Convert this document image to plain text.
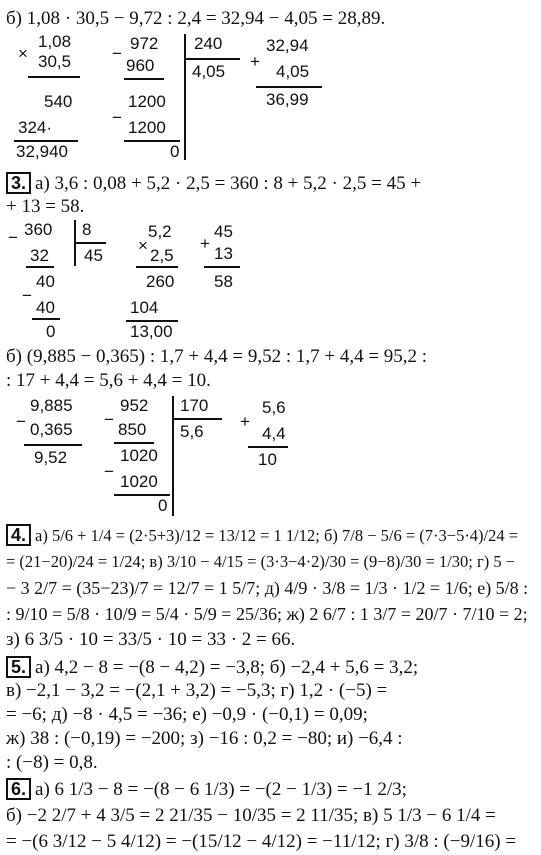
б) 1,08 · 30,5 − 9,72 : 2,4 = 32,94 − 4,05 = 28,89.
1,08
× 30,5
540
324·
32,940
−
972
960
1200
−
1200
0
240
4,05
32,94
+
4,05
36,99
3. а) 3,6 : 0,08 + 5,2 · 2,5 = 360 : 8 + 5,2 · 2,5 = 45 +
+ 13 = 58.
− 360 8
45
32
40
−
40
0
5,2
×
2,5
260
104
13,00
45
+
13
58
б) (9,885 − 0,365) : 1,7 + 4,4 = 9,52 : 1,7 + 4,4 = 95,2 :
: 17 + 4,4 = 5,6 + 4,4 = 10.
9,885
− 0,365
9,52
−
952
850
1020
−
1020
0
170
5,6
5,6
+
4,4
10
4. а) 5/6 + 1/4 = (2·5+3)/12 = 13/12 = 1 1/12; б) 7/8 − 5/6 = (7·3−5·4)/24 =
= (21−20)/24 = 1/24; в) 3/10 − 4/15 = (3·3−4·2)/30 = (9−8)/30 = 1/30; г) 5 −
− 3 2/7 = (35−23)/7 = 12/7 = 1 5/7; д) 4/9 · 3/8 = 1/3 · 1/2 = 1/6; е) 5/8 :
: 9/10 = 5/8 · 10/9 = 5/4 · 5/9 = 25/36; ж) 2 6/7 : 1 3/7 = 20/7 · 7/10 = 2;
з) 6 3/5 · 10 = 33/5 · 10 = 33 · 2 = 66.
5. а) 4,2 − 8 = −(8 − 4,2) = −3,8; б) −2,4 + 5,6 = 3,2;
в) −2,1 − 3,2 = −(2,1 + 3,2) = −5,3; г) 1,2 · (−5) =
= −6; д) −8 · 4,5 = −36; е) −0,9 · (−0,1) = 0,09;
ж) 38 : (−0,19) = −200; з) −16 : 0,2 = −80; и) −6,4 :
: (−8) = 0,8.
6. а) 6 1/3 − 8 = −(8 − 6 1/3) = −(2 − 1/3) = −1 2/3;
б) −2 2/7 + 4 3/5 = 2 21/35 − 10/35 = 2 11/35; в) 5 1/3 − 6 1/4 =
= −(6 3/12 − 5 4/12) = −(15/12 − 4/12) = −11/12; г) 3/8 : (−9/16) =
